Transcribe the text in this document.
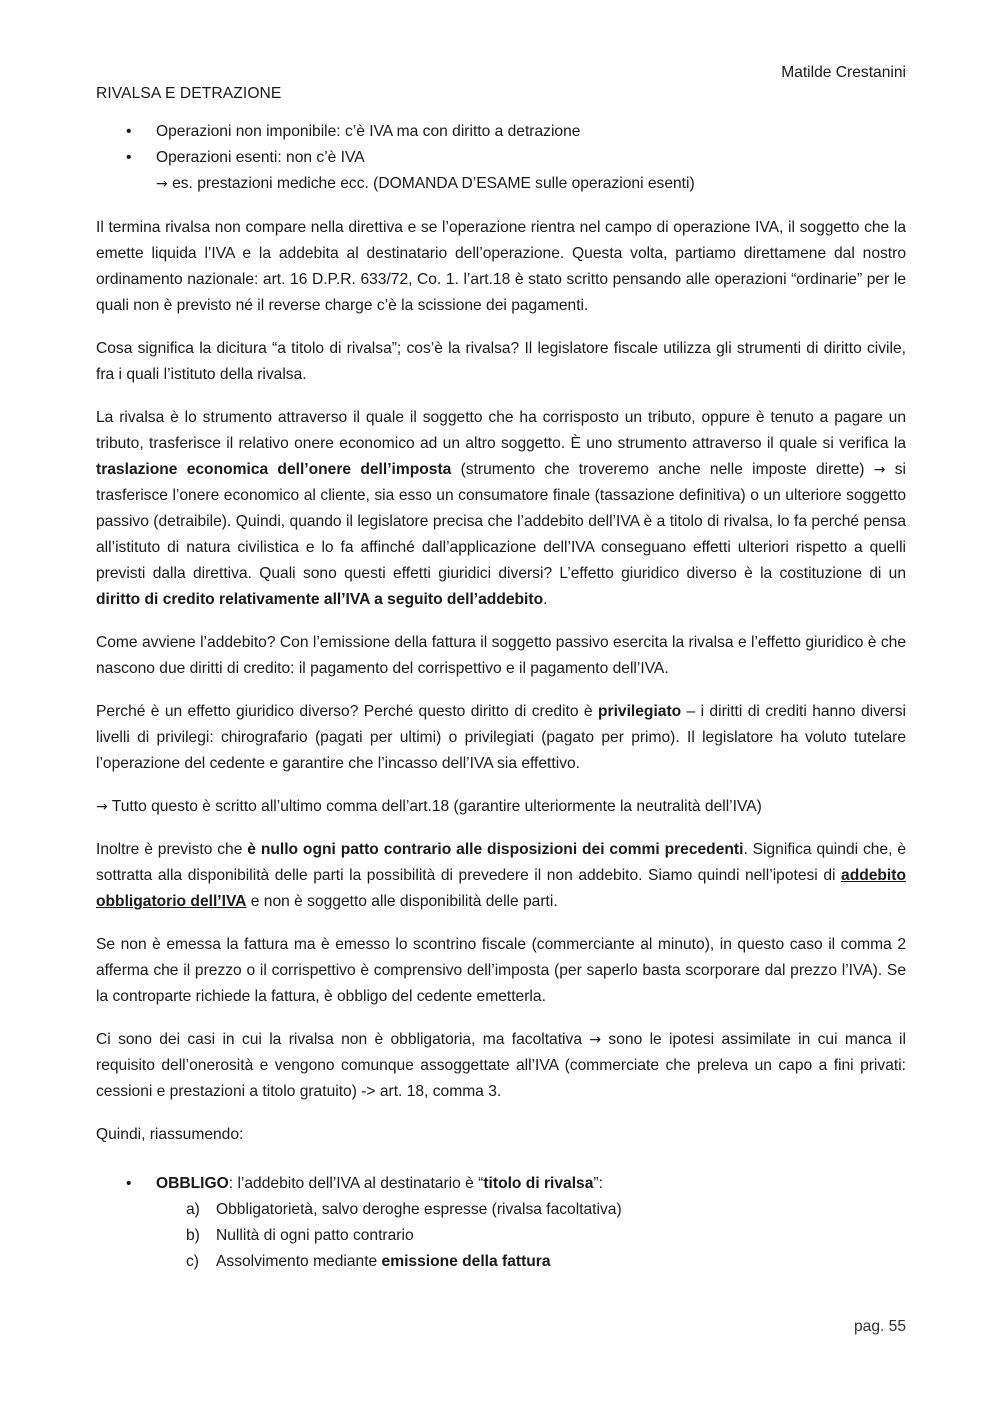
Matilde Crestanini
RIVALSA E DETRAZIONE
• Operazioni non imponibile: c’è IVA ma con diritto a detrazione
• Operazioni esenti: non c’è IVA
→ es. prestazioni mediche ecc. (DOMANDA D’ESAME sulle operazioni esenti)

Il termina rivalsa non compare nella direttiva e se l’operazione rientra nel campo di operazione IVA, il soggetto che la emette liquida l’IVA e la addebita al destinatario dell’operazione. Questa volta, partiamo direttamene dal nostro ordinamento nazionale: art. 16 D.P.R. 633/72, Co. 1. l’art.18 è stato scritto pensando alle operazioni “ordinarie” per le quali non è previsto né il reverse charge c’è la scissione dei pagamenti.

Cosa significa la dicitura “a titolo di rivalsa”; cos’è la rivalsa? Il legislatore fiscale utilizza gli strumenti di diritto civile, fra i quali l’istituto della rivalsa.

La rivalsa è lo strumento attraverso il quale il soggetto che ha corrisposto un tributo, oppure è tenuto a pagare un tributo, trasferisce il relativo onere economico ad un altro soggetto. È uno strumento attraverso il quale si verifica la traslazione economica dell’onere dell’imposta (strumento che troveremo anche nelle imposte dirette) → si trasferisce l’onere economico al cliente, sia esso un consumatore finale (tassazione definitiva) o un ulteriore soggetto passivo (detraibile). Quindi, quando il legislatore precisa che l’addebito dell’IVA è a titolo di rivalsa, lo fa perché pensa all’istituto di natura civilistica e lo fa affinché dall’applicazione dell’IVA conseguano effetti ulteriori rispetto a quelli previsti dalla direttiva. Quali sono questi effetti giuridici diversi? L’effetto giuridico diverso è la costituzione di un diritto di credito relativamente all’IVA a seguito dell’addebito.

Come avviene l’addebito? Con l’emissione della fattura il soggetto passivo esercita la rivalsa e l’effetto giuridico è che nascono due diritti di credito: il pagamento del corrispettivo e il pagamento dell’IVA.

Perché è un effetto giuridico diverso? Perché questo diritto di credito è privilegiato – i diritti di crediti hanno diversi livelli di privilegi: chirografario (pagati per ultimi) o privilegiati (pagato per primo). Il legislatore ha voluto tutelare l’operazione del cedente e garantire che l’incasso dell’IVA sia effettivo.

→ Tutto questo è scritto all’ultimo comma dell’art.18 (garantire ulteriormente la neutralità dell’IVA)

Inoltre è previsto che è nullo ogni patto contrario alle disposizioni dei commi precedenti. Significa quindi che, è sottratta alla disponibilità delle parti la possibilità di prevedere il non addebito. Siamo quindi nell’ipotesi di addebito obbligatorio dell’IVA e non è soggetto alle disponibilità delle parti.

Se non è emessa la fattura ma è emesso lo scontrino fiscale (commerciante al minuto), in questo caso il comma 2 afferma che il prezzo o il corrispettivo è comprensivo dell’imposta (per saperlo basta scorporare dal prezzo l’IVA). Se la controparte richiede la fattura, è obbligo del cedente emetterla.

Ci sono dei casi in cui la rivalsa non è obbligatoria, ma facoltativa → sono le ipotesi assimilate in cui manca il requisito dell’onerosità e vengono comunque assoggettate all’IVA (commerciate che preleva un capo a fini privati: cessioni e prestazioni a titolo gratuito) -> art. 18, comma 3.

Quindi, riassumendo:

• OBBLIGO: l’addebito dell’IVA al destinatario è “titolo di rivalsa”:
a) Obbligatorietà, salvo deroghe espresse (rivalsa facoltativa)
b) Nullità di ogni patto contrario
c) Assolvimento mediante emissione della fattura
pag. 55
